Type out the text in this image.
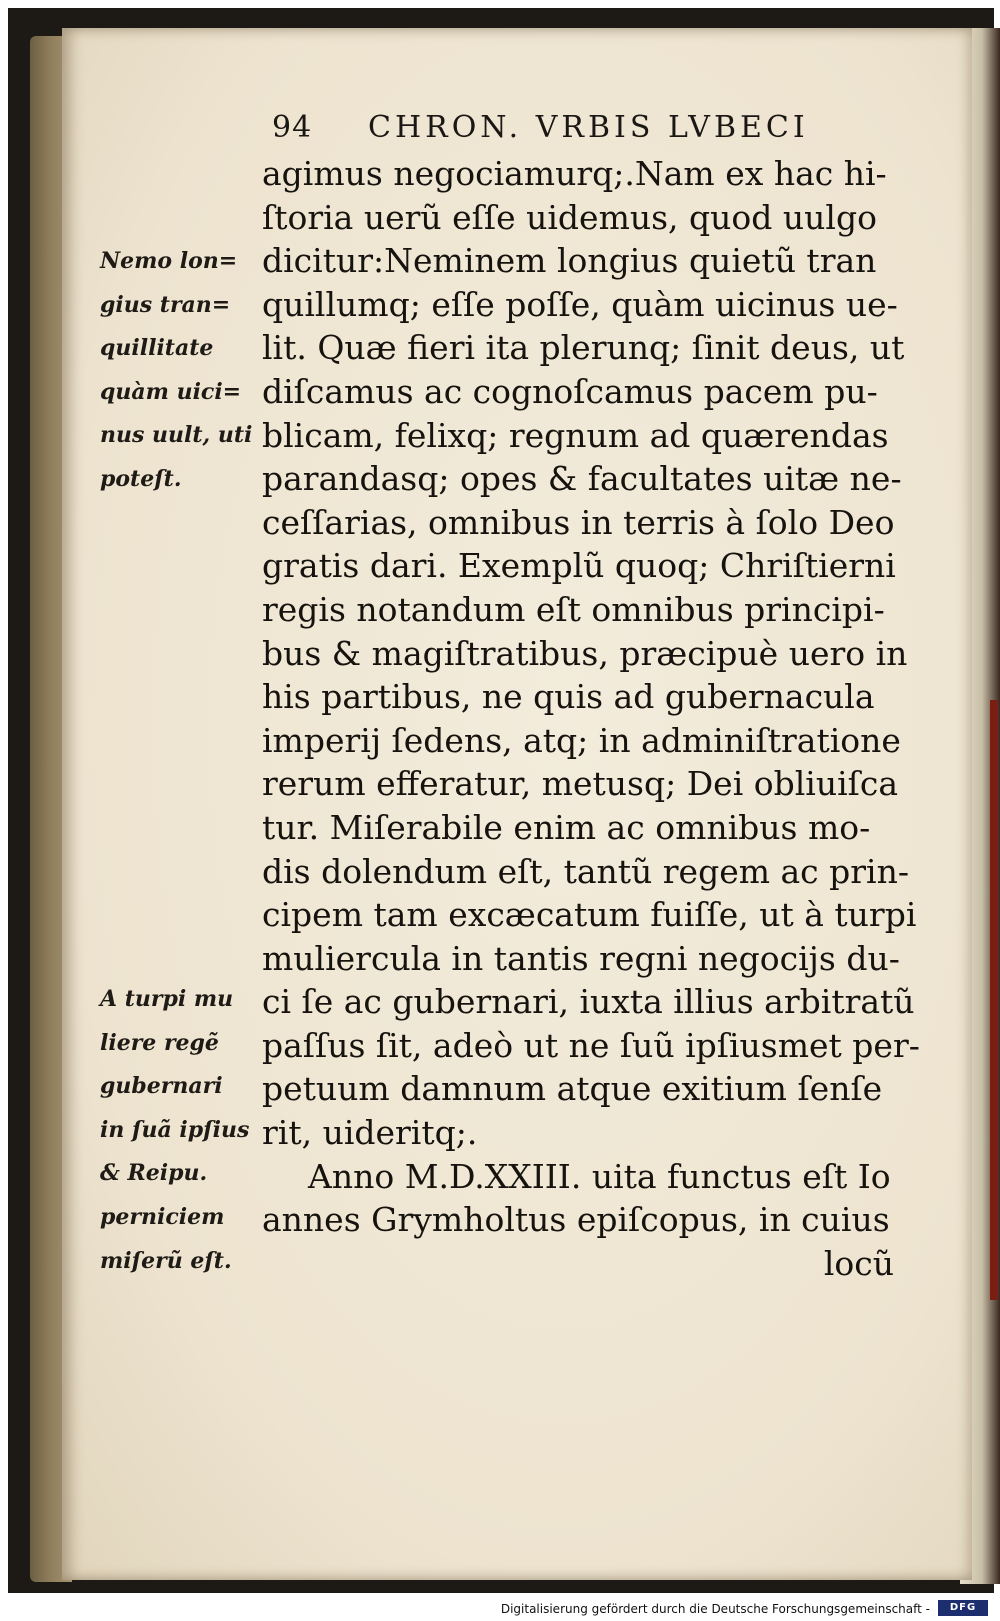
94 CHRON. VRBIS LVBECI
agimus negociamurq;.Nam ex hac hi-
ſtoria uerũ eſſe uidemus, quod uulgo
dicitur:Neminem longius quietũ tran
quillumq; eſſe poſſe, quàm uicinus ue-
lit. Quæ fieri ita plerunq; ſinit deus, ut
diſcamus ac cognoſcamus pacem pu-
blicam, felixq; regnum ad quærendas
parandasq; opes & facultates uitæ ne-
ceſſarias, omnibus in terris à ſolo Deo
gratis dari. Exemplũ quoq; Chriſtierni
regis notandum eſt omnibus principi-
bus & magiſtratibus, præcipuè uero in
his partibus, ne quis ad gubernacula
imperij ſedens, atq; in adminiſtratione
rerum efferatur, metusq; Dei obliuiſca
tur. Miſerabile enim ac omnibus mo-
dis dolendum eſt, tantũ regem ac prin-
cipem tam excæcatum fuiſſe, ut à turpi
muliercula in tantis regni negocijs du-
ci ſe ac gubernari, iuxta illius arbitratũ
paſſus ſit, adeò ut ne ſuũ ipſiusmet per-
petuum damnum atque exitium ſenſe
rit, uideritq;.
Anno M.D.XXIII. uita functus eſt Io
annes Grymholtus epiſcopus, in cuius
locũ
Nemo lon=
gius tran=
quillitate
quàm uici=
nus uult, uti
poteſt.
A turpi mu
liere regẽ
gubernari
in ſuã ipſius
& Reipu.
perniciem
miſerũ eſt.
Digitalisierung gefördert durch die Deutsche Forschungsgemeinschaft -	DFG
